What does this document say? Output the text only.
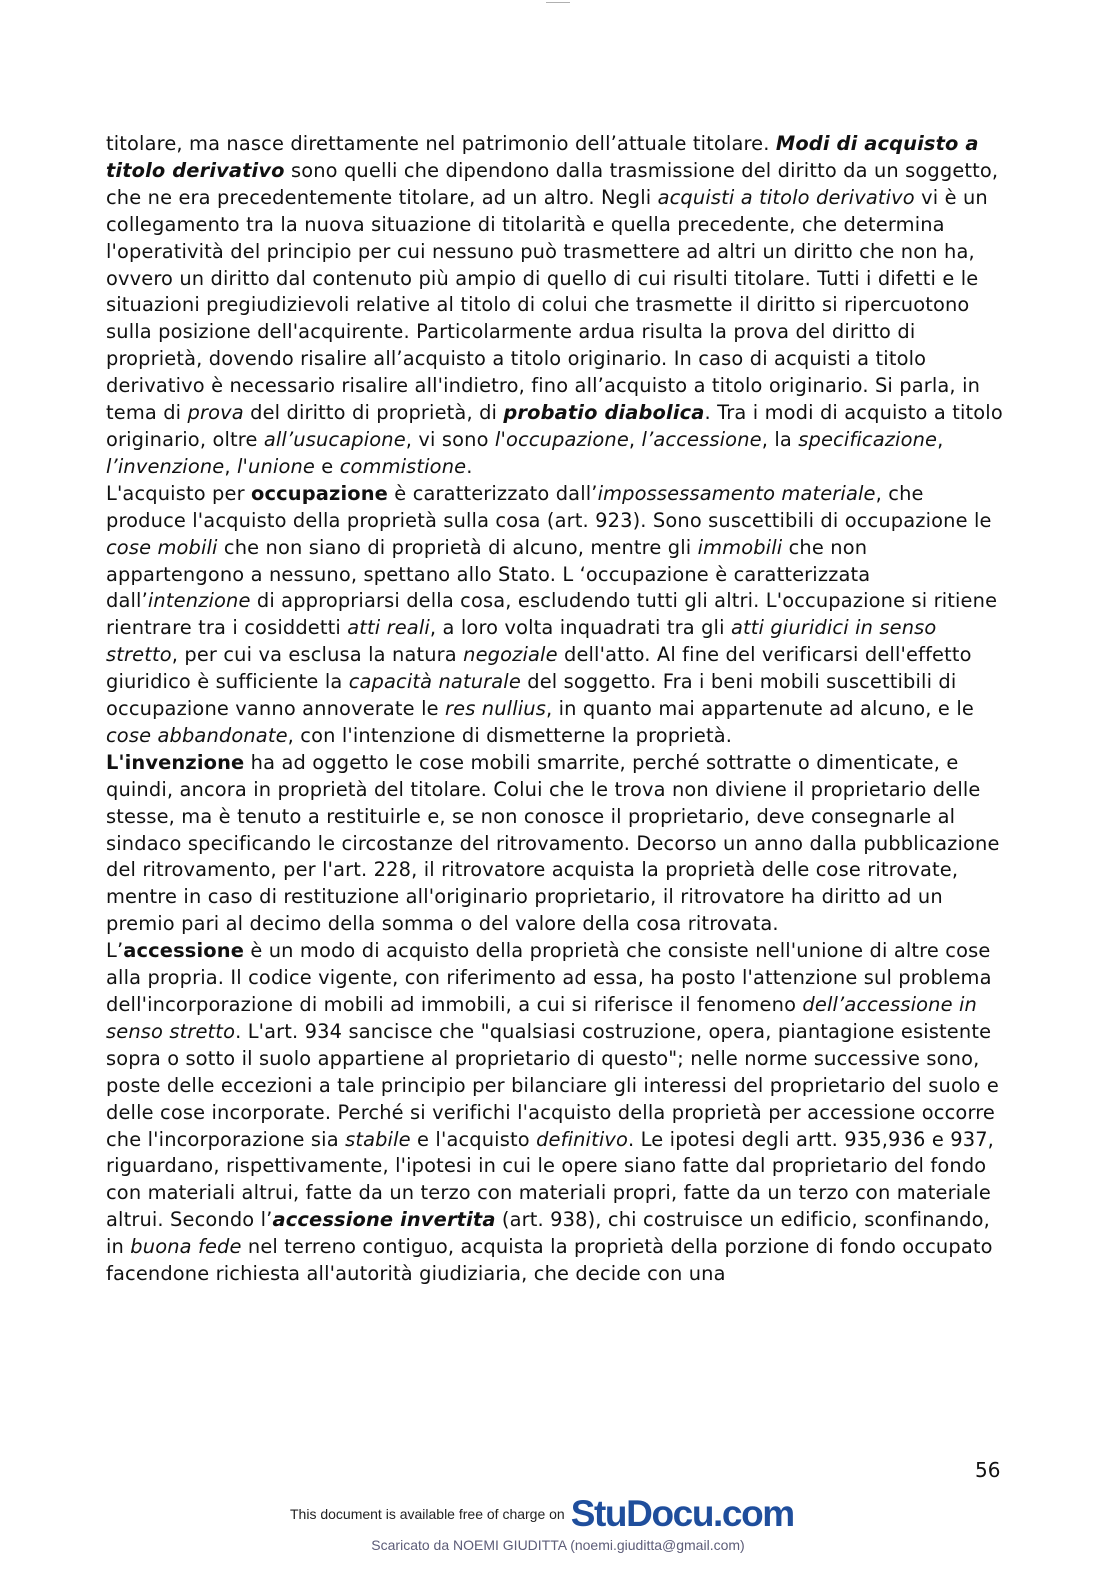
titolare, ma nasce direttamente nel patrimonio dell’attuale titolare. Modi di acquisto a titolo derivativo sono quelli che dipendono dalla trasmissione del diritto da un soggetto, che ne era precedentemente titolare, ad un altro. Negli acquisti a titolo derivativo vi è un collegamento tra la nuova situazione di titolarità e quella precedente, che determina l'operatività del principio per cui nessuno può trasmettere ad altri un diritto che non ha, ovvero un diritto dal contenuto più ampio di quello di cui risulti titolare. Tutti i difetti e le situazioni pregiudizievoli relative al titolo di colui che trasmette il diritto si ripercuotono sulla posizione dell'acquirente. Particolarmente ardua risulta la prova del diritto di proprietà, dovendo risalire all’acquisto a titolo originario. In caso di acquisti a titolo derivativo è necessario risalire all'indietro, fino all’acquisto a titolo originario. Si parla, in tema di prova del diritto di proprietà, di probatio diabolica. Tra i modi di acquisto a titolo originario, oltre all’usucapione, vi sono l'occupazione, l’accessione, la specificazione, l’invenzione, l'unione e commistione.

L'acquisto per occupazione è caratterizzato dall’impossessamento materiale, che produce l'acquisto della proprietà sulla cosa (art. 923). Sono suscettibili di occupazione le cose mobili che non siano di proprietà di alcuno, mentre gli immobili che non appartengono a nessuno, spettano allo Stato. L ‘occupazione è caratterizzata dall’intenzione di appropriarsi della cosa, escludendo tutti gli altri. L'occupazione si ritiene rientrare tra i cosiddetti atti reali, a loro volta inquadrati tra gli atti giuridici in senso stretto, per cui va esclusa la natura negoziale dell'atto. Al fine del verificarsi dell'effetto giuridico è sufficiente la capacità naturale del soggetto. Fra i beni mobili suscettibili di occupazione vanno annoverate le res nullius, in quanto mai appartenute ad alcuno, e le cose abbandonate, con l'intenzione di dismetterne la proprietà.

L'invenzione ha ad oggetto le cose mobili smarrite, perché sottratte o dimenticate, e quindi, ancora in proprietà del titolare. Colui che le trova non diviene il proprietario delle stesse, ma è tenuto a restituirle e, se non conosce il proprietario, deve consegnarle al sindaco specificando le circostanze del ritrovamento. Decorso un anno dalla pubblicazione del ritrovamento, per l'art. 228, il ritrovatore acquista la proprietà delle cose ritrovate, mentre in caso di restituzione all'originario proprietario, il ritrovatore ha diritto ad un premio pari al decimo della somma o del valore della cosa ritrovata.

L’accessione è un modo di acquisto della proprietà che consiste nell'unione di altre cose alla propria. Il codice vigente, con riferimento ad essa, ha posto l'attenzione sul problema dell'incorporazione di mobili ad immobili, a cui si riferisce il fenomeno dell’accessione in senso stretto. L'art. 934 sancisce che "qualsiasi costruzione, opera, piantagione esistente sopra o sotto il suolo appartiene al proprietario di questo"; nelle norme successive sono, poste delle eccezioni a tale principio per bilanciare gli interessi del proprietario del suolo e delle cose incorporate. Perché si verifichi l'acquisto della proprietà per accessione occorre che l'incorporazione sia stabile e l'acquisto definitivo. Le ipotesi degli artt. 935,936 e 937, riguardano, rispettivamente, l'ipotesi in cui le opere siano fatte dal proprietario del fondo con materiali altrui, fatte da un terzo con materiali propri, fatte da un terzo con materiale altrui. Secondo l’accessione invertita (art. 938), chi costruisce un edificio, sconfinando, in buona fede nel terreno contiguo, acquista la proprietà della porzione di fondo occupato facendone richiesta all'autorità giudiziaria, che decide con una

56
This document is available free of charge on StuDocu.com
Scaricato da NOEMI GIUDITTA (noemi.giuditta@gmail.com)
